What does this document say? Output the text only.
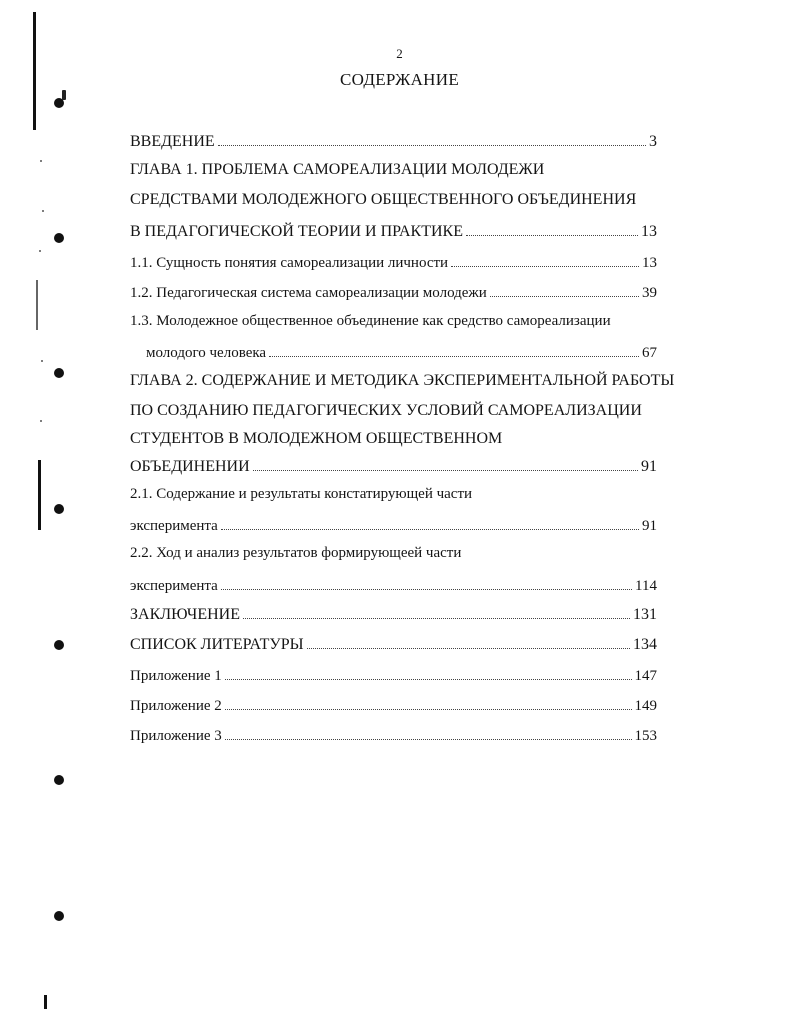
2
СОДЕРЖАНИЕ
ВВЕДЕНИЕ	3
ГЛАВА 1. ПРОБЛЕМА САМОРЕАЛИЗАЦИИ МОЛОДЕЖИ
СРЕДСТВАМИ МОЛОДЕЖНОГО ОБЩЕСТВЕННОГО ОБЪЕДИНЕНИЯ
В ПЕДАГОГИЧЕСКОЙ ТЕОРИИ И ПРАКТИКЕ	13
1.1. Сущность понятия самореализации личности	13
1.2. Педагогическая система самореализации молодежи	39
1.3. Молодежное общественное объединение как средство самореализации
молодого человека	67
ГЛАВА 2. СОДЕРЖАНИЕ И МЕТОДИКА ЭКСПЕРИМЕНТАЛЬНОЙ РАБОТЫ
ПО СОЗДАНИЮ ПЕДАГОГИЧЕСКИХ УСЛОВИЙ САМОРЕАЛИЗАЦИИ
СТУДЕНТОВ В МОЛОДЕЖНОМ ОБЩЕСТВЕННОМ
ОБЪЕДИНЕНИИ	91
2.1. Содержание и результаты констатирующей части
эксперимента	91
2.2. Ход и анализ результатов формирующеей части
эксперимента	114
ЗАКЛЮЧЕНИЕ	131
СПИСОК ЛИТЕРАТУРЫ	134
Приложение 1	147
Приложение 2	149
Приложение 3	153
